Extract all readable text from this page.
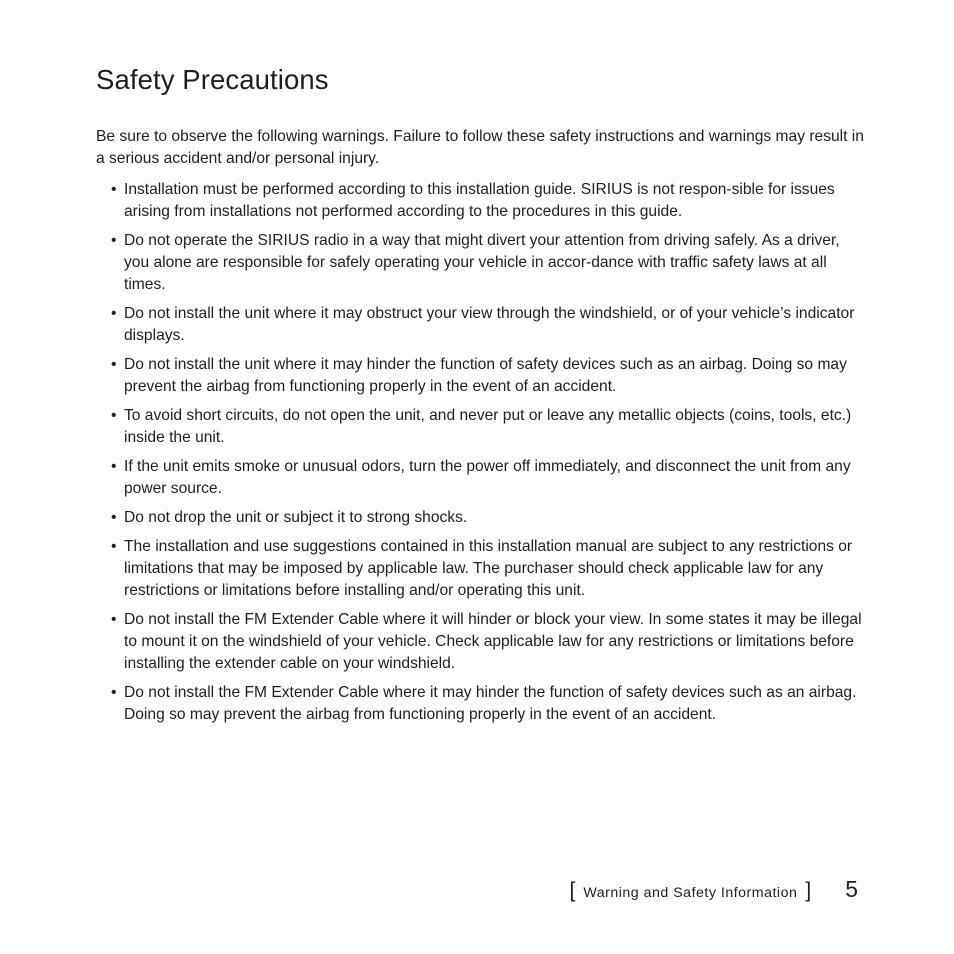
Safety Precautions

Be sure to observe the following warnings. Failure to follow these safety instructions and warnings may result in a serious accident and/or personal injury.

• Installation must be performed according to this installation guide. SIRIUS is not respon-sible for issues arising from installations not performed according to the procedures in this guide.
• Do not operate the SIRIUS radio in a way that might divert your attention from driving safely. As a driver, you alone are responsible for safely operating your vehicle in accor-dance with traffic safety laws at all times.
• Do not install the unit where it may obstruct your view through the windshield, or of your vehicle’s indicator displays.
• Do not install the unit where it may hinder the function of safety devices such as an airbag. Doing so may prevent the airbag from functioning properly in the event of an accident.
• To avoid short circuits, do not open the unit, and never put or leave any metallic objects (coins, tools, etc.) inside the unit.
• If the unit emits smoke or unusual odors, turn the power off immediately, and disconnect the unit from any power source.
• Do not drop the unit or subject it to strong shocks.
• The installation and use suggestions contained in this installation manual are subject to any restrictions or limitations that may be imposed by applicable law. The purchaser should check applicable law for any restrictions or limitations before installing and/or operating this unit.
• Do not install the FM Extender Cable where it will hinder or block your view. In some states it may be illegal to mount it on the windshield of your vehicle. Check applicable law for any restrictions or limitations before installing the extender cable on your windshield.
• Do not install the FM Extender Cable where it may hinder the function of safety devices such as an airbag. Doing so may prevent the airbag from functioning properly in the event of an accident.
[ Warning and Safety Information ] 5
